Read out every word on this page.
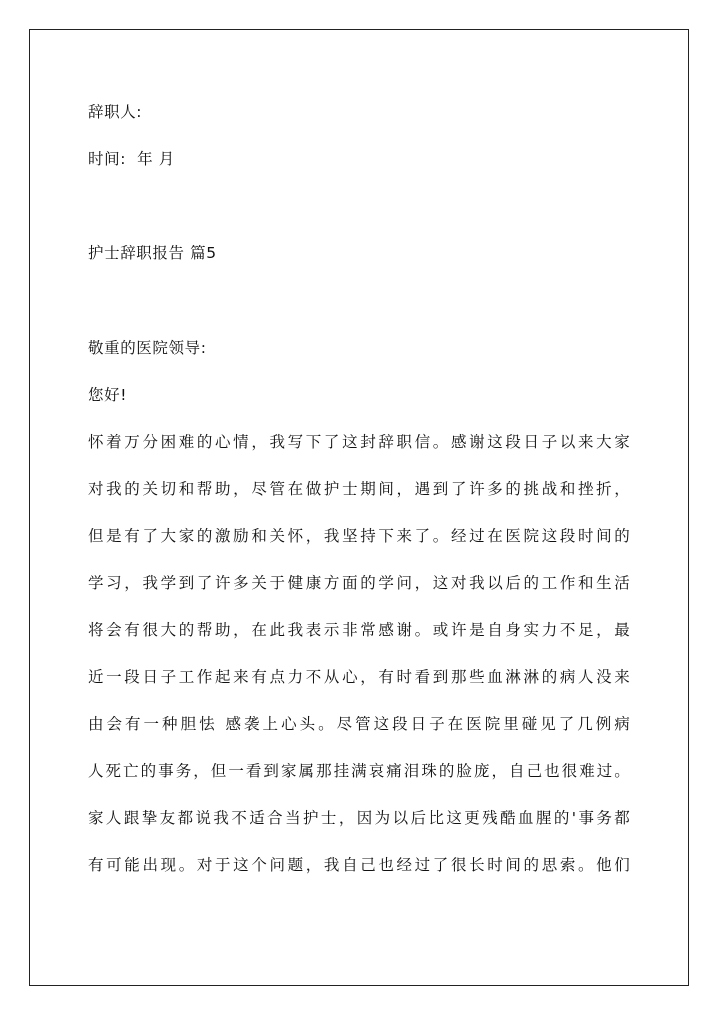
辞职人:

时间:  年 月

护士辞职报告 篇5

敬重的医院领导:

您好!

怀着万分困难的心情，我写下了这封辞职信。感谢这段日子以来大家

对我的关切和帮助，尽管在做护士期间，遇到了许多的挑战和挫折，

但是有了大家的激励和关怀，我坚持下来了。经过在医院这段时间的

学习，我学到了许多关于健康方面的学问，这对我以后的工作和生活

将会有很大的帮助，在此我表示非常感谢。或许是自身实力不足，最

近一段日子工作起来有点力不从心，有时看到那些血淋淋的病人没来

由会有一种胆怯 感袭上心头。尽管这段日子在医院里碰见了几例病

人死亡的事务，但一看到家属那挂满哀痛泪珠的脸庞，自己也很难过。

家人跟挚友都说我不适合当护士，因为以后比这更残酷血腥的'事务都

有可能出现。对于这个问题，我自己也经过了很长时间的思索。他们
